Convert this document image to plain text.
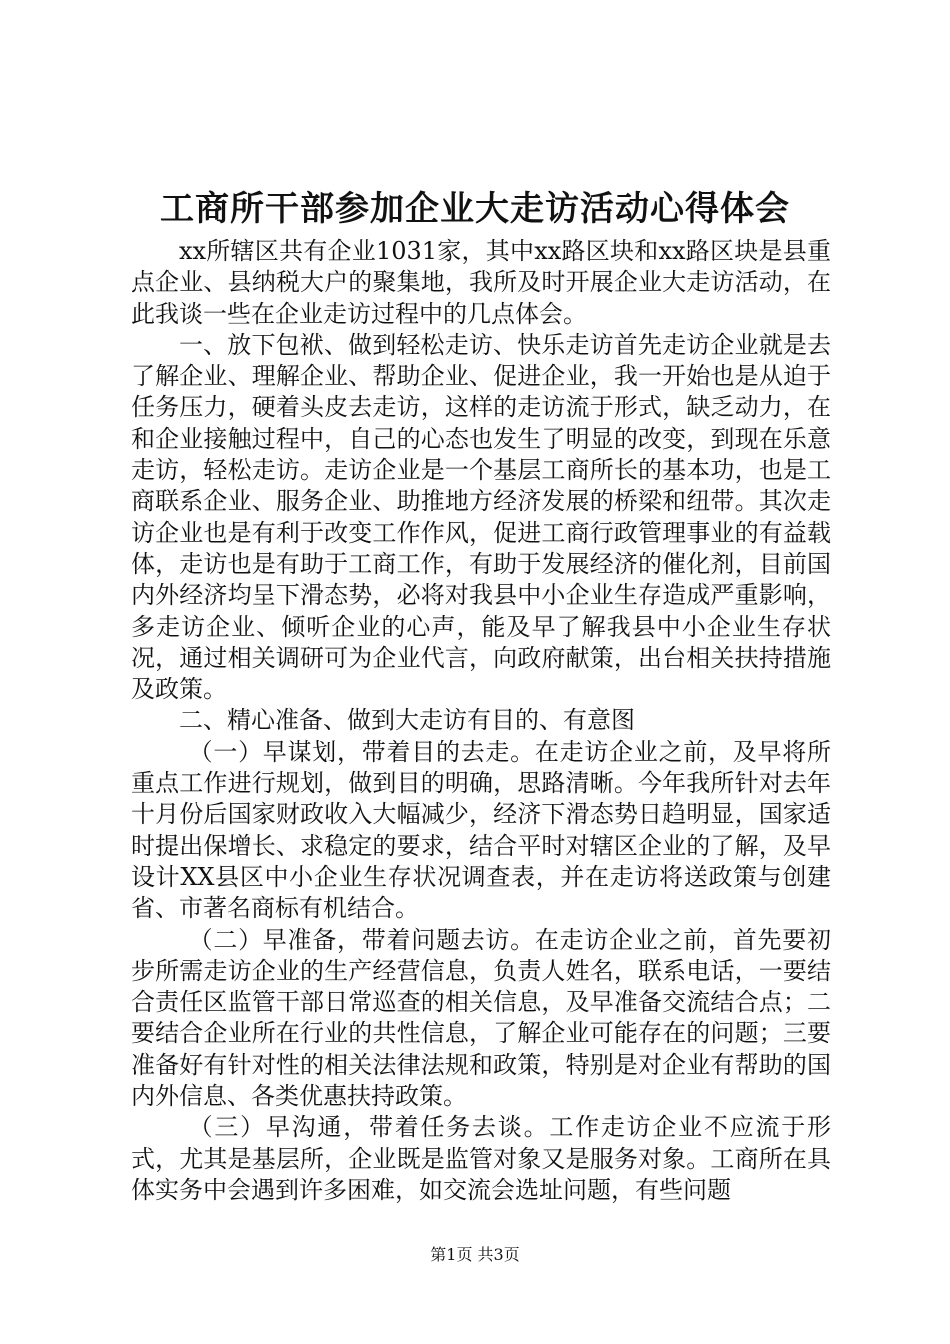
工商所干部参加企业大走访活动心得体会

xx所辖区共有企业1031家，其中xx路区块和xx路区块是县重点企业、县纳税大户的聚集地，我所及时开展企业大走访活动，在此我谈一些在企业走访过程中的几点体会。

一、放下包袱、做到轻松走访、快乐走访首先走访企业就是去了解企业、理解企业、帮助企业、促进企业，我一开始也是从迫于任务压力，硬着头皮去走访，这样的走访流于形式，缺乏动力，在和企业接触过程中，自己的心态也发生了明显的改变，到现在乐意走访，轻松走访。走访企业是一个基层工商所长的基本功，也是工商联系企业、服务企业、助推地方经济发展的桥梁和纽带。其次走访企业也是有利于改变工作作风，促进工商行政管理事业的有益载体，走访也是有助于工商工作，有助于发展经济的催化剂，目前国内外经济均呈下滑态势，必将对我县中小企业生存造成严重影响，多走访企业、倾听企业的心声，能及早了解我县中小企业生存状况，通过相关调研可为企业代言，向政府献策，出台相关扶持措施及政策。

二、精心准备、做到大走访有目的、有意图

（一）早谋划，带着目的去走。在走访企业之前，及早将所重点工作进行规划，做到目的明确，思路清晰。今年我所针对去年十月份后国家财政收入大幅减少，经济下滑态势日趋明显，国家适时提出保增长、求稳定的要求，结合平时对辖区企业的了解，及早设计XX县区中小企业生存状况调查表，并在走访将送政策与创建省、市著名商标有机结合。

（二）早准备，带着问题去访。在走访企业之前，首先要初步所需走访企业的生产经营信息，负责人姓名，联系电话，一要结合责任区监管干部日常巡查的相关信息，及早准备交流结合点；二要结合企业所在行业的共性信息，了解企业可能存在的问题；三要准备好有针对性的相关法律法规和政策，特别是对企业有帮助的国内外信息、各类优惠扶持政策。

（三）早沟通，带着任务去谈。工作走访企业不应流于形式，尤其是基层所，企业既是监管对象又是服务对象。工商所在具体实务中会遇到许多困难，如交流会选址问题，有些问题

第1页 共3页
